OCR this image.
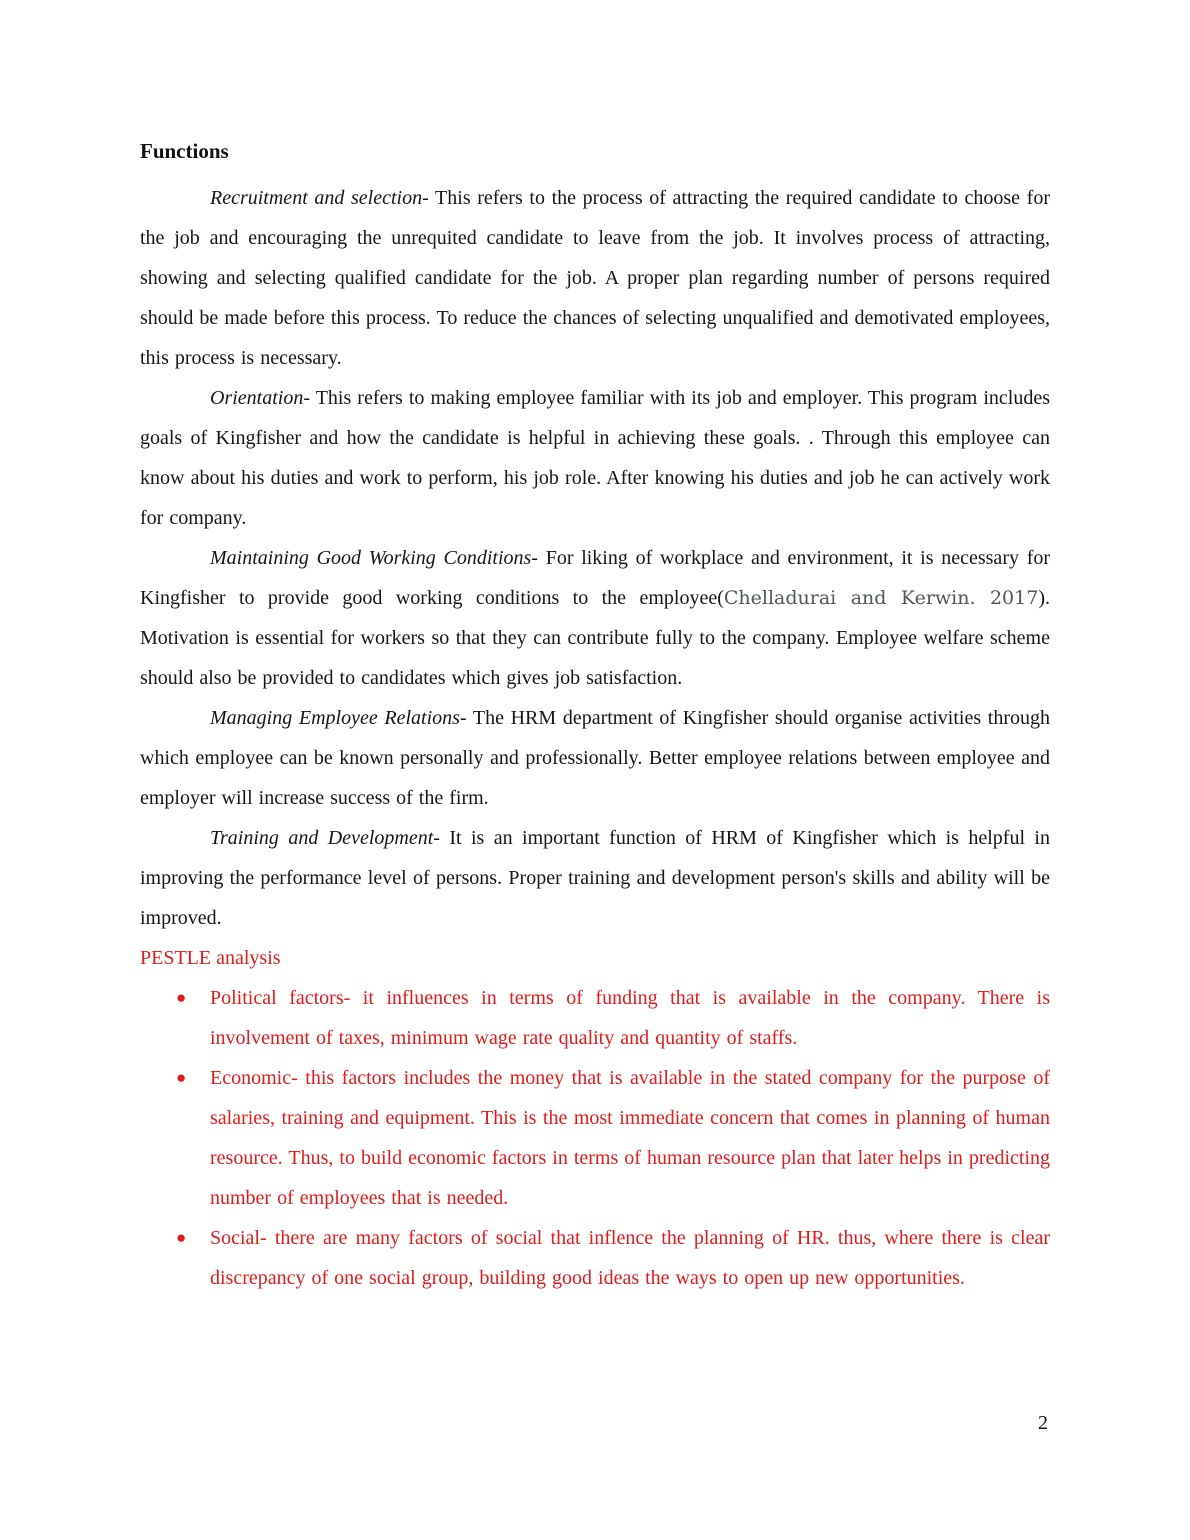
Functions

Recruitment and selection- This refers to the process of attracting the required candidate to choose for the job and encouraging the unrequited candidate to leave from the job. It involves process of attracting, showing and selecting qualified candidate for the job. A proper plan regarding number of persons required should be made before this process. To reduce the chances of selecting unqualified and demotivated employees, this process is necessary.

Orientation- This refers to making employee familiar with its job and employer. This program includes goals of Kingfisher and how the candidate is helpful in achieving these goals. . Through this employee can know about his duties and work to perform, his job role. After knowing his duties and job he can actively work for company.

Maintaining Good Working Conditions- For liking of workplace and environment, it is necessary for Kingfisher to provide good working conditions to the employee(Chelladurai and Kerwin. 2017). Motivation is essential for workers so that they can contribute fully to the company. Employee welfare scheme should also be provided to candidates which gives job satisfaction.

Managing Employee Relations- The HRM department of Kingfisher should organise activities through which employee can be known personally and professionally. Better employee relations between employee and employer will increase success of the firm.

Training and Development- It is an important function of HRM of Kingfisher which is helpful in improving the performance level of persons. Proper training and development person's skills and ability will be improved.

PESTLE analysis
● Political factors- it influences in terms of funding that is available in the company. There is involvement of taxes, minimum wage rate quality and quantity of staffs.
● Economic- this factors includes the money that is available in the stated company for the purpose of salaries, training and equipment. This is the most immediate concern that comes in planning of human resource. Thus, to build economic factors in terms of human resource plan that later helps in predicting number of employees that is needed.
● Social- there are many factors of social that inflence the planning of HR. thus, where there is clear discrepancy of one social group, building good ideas the ways to open up new opportunities.
2
